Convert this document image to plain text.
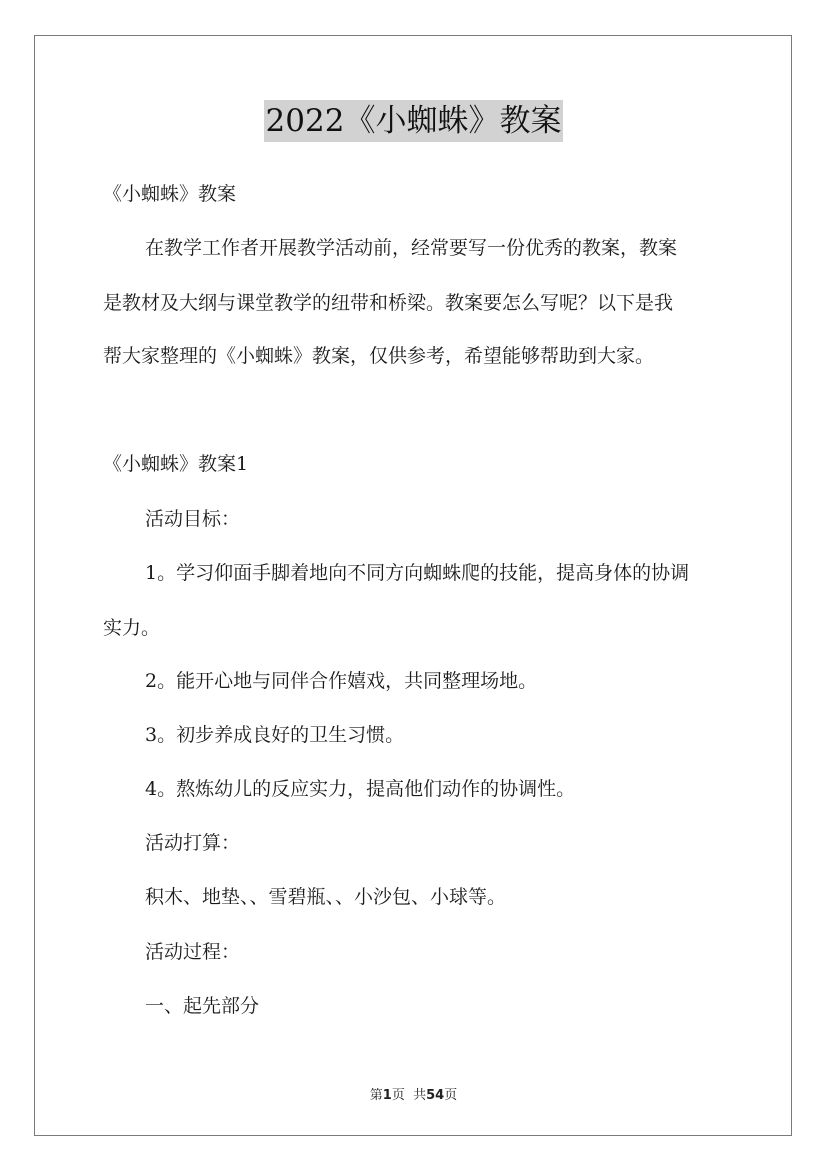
2022《小蜘蛛》教案
《小蜘蛛》教案
在教学工作者开展教学活动前，经常要写一份优秀的教案，教案
是教材及大纲与课堂教学的纽带和桥梁。教案要怎么写呢？以下是我
帮大家整理的《小蜘蛛》教案，仅供参考，希望能够帮助到大家。
《小蜘蛛》教案1
活动目标：
1。学习仰面手脚着地向不同方向蜘蛛爬的技能，提高身体的协调
实力。
2。能开心地与同伴合作嬉戏，共同整理场地。
3。初步养成良好的卫生习惯。
4。熬炼幼儿的反应实力，提高他们动作的协调性。
活动打算：
积木、地垫、、雪碧瓶、、小沙包、小球等。
活动过程：
一、起先部分
第1页  共54页
